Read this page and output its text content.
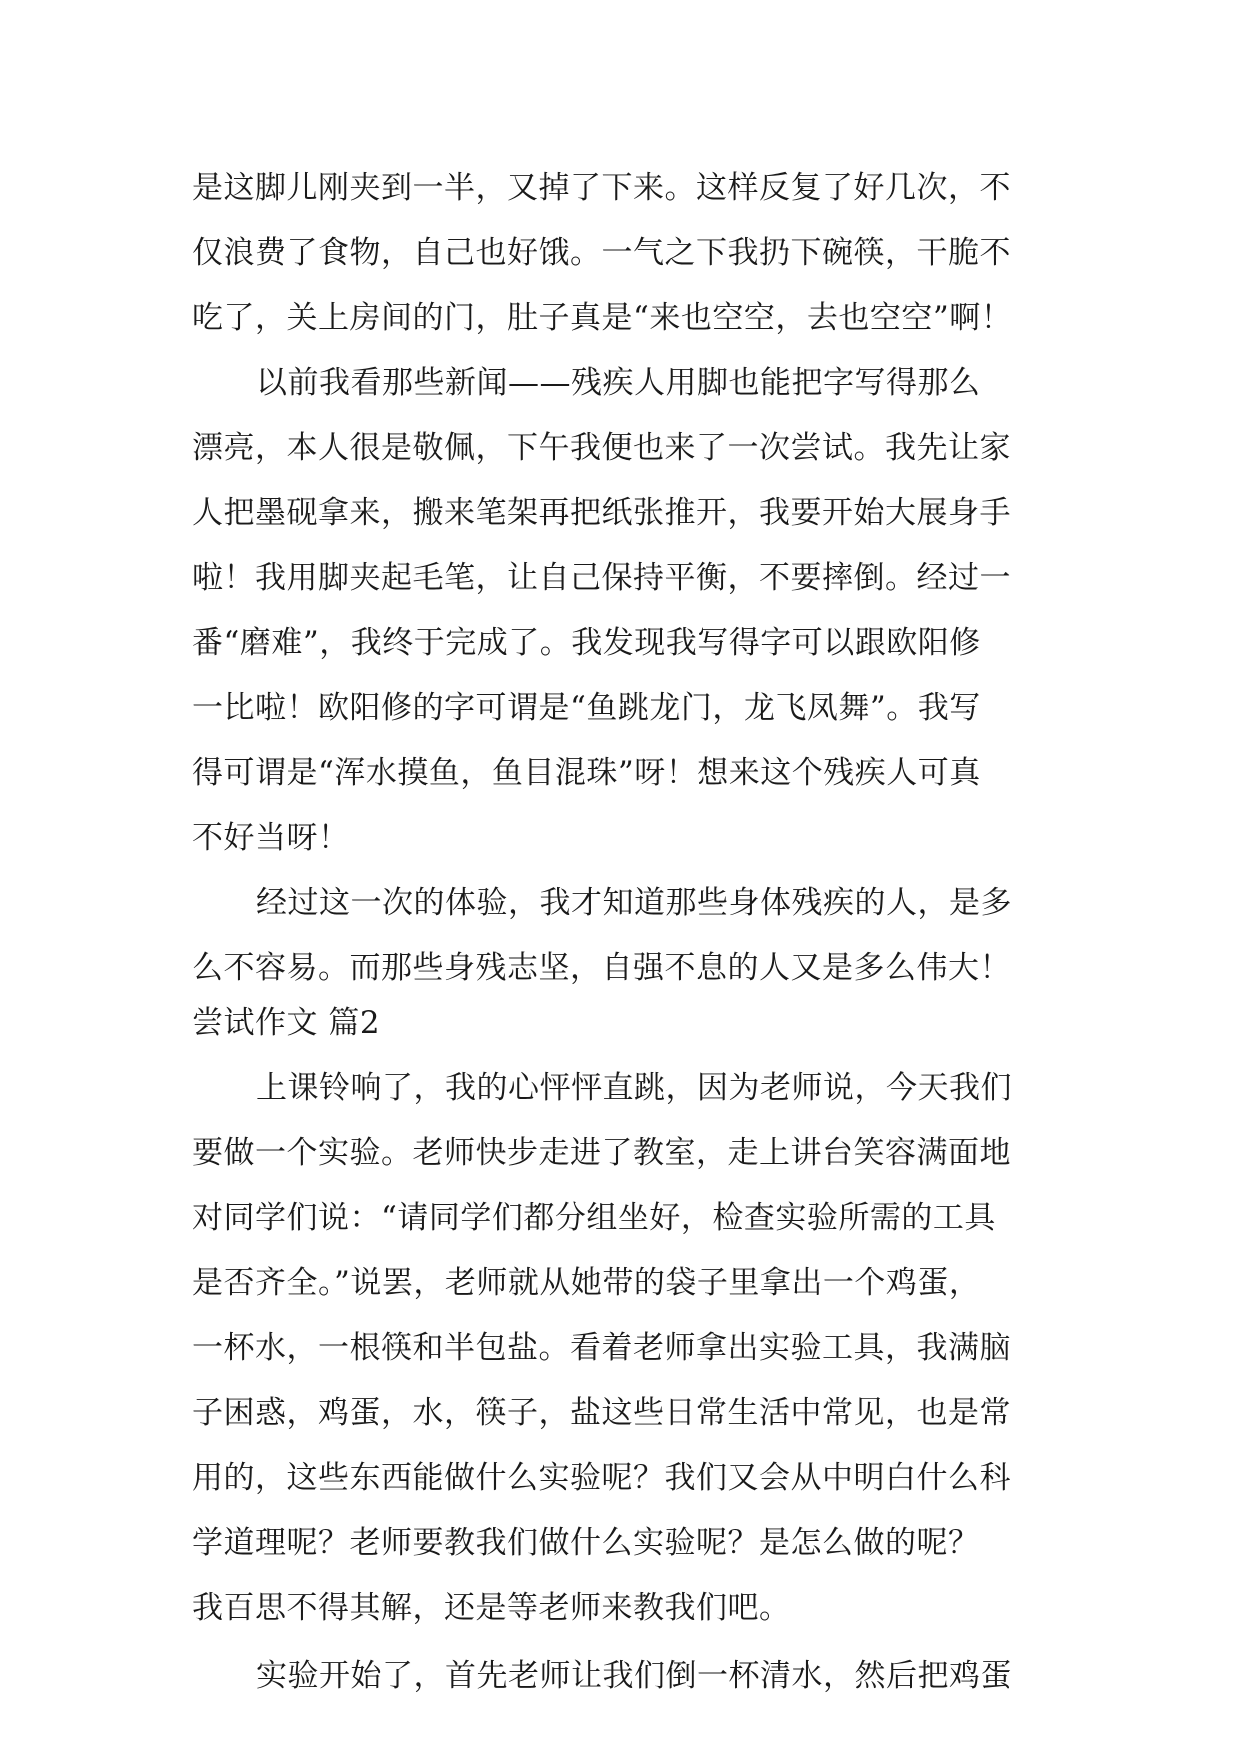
是这脚儿刚夹到一半，又掉了下来。这样反复了好几次，不
仅浪费了食物，自己也好饿。一气之下我扔下碗筷，干脆不
吃了，关上房间的门，肚子真是“来也空空，去也空空”啊！
以前我看那些新闻——残疾人用脚也能把字写得那么
漂亮，本人很是敬佩，下午我便也来了一次尝试。我先让家
人把墨砚拿来，搬来笔架再把纸张推开，我要开始大展身手
啦！我用脚夹起毛笔，让自己保持平衡，不要摔倒。经过一
番“磨难”，我终于完成了。我发现我写得字可以跟欧阳修
一比啦！欧阳修的字可谓是“鱼跳龙门，龙飞凤舞”。我写
得可谓是“浑水摸鱼，鱼目混珠”呀！想来这个残疾人可真
不好当呀！
经过这一次的体验，我才知道那些身体残疾的人，是多
么不容易。而那些身残志坚，自强不息的人又是多么伟大！
尝试作文 篇2
上课铃响了，我的心怦怦直跳，因为老师说，今天我们
要做一个实验。老师快步走进了教室，走上讲台笑容满面地
对同学们说：“请同学们都分组坐好，检查实验所需的工具
是否齐全。”说罢，老师就从她带的袋子里拿出一个鸡蛋，
一杯水，一根筷和半包盐。看着老师拿出实验工具，我满脑
子困惑，鸡蛋，水，筷子，盐这些日常生活中常见，也是常
用的，这些东西能做什么实验呢？我们又会从中明白什么科
学道理呢？老师要教我们做什么实验呢？是怎么做的呢？
我百思不得其解，还是等老师来教我们吧。
实验开始了，首先老师让我们倒一杯清水，然后把鸡蛋
